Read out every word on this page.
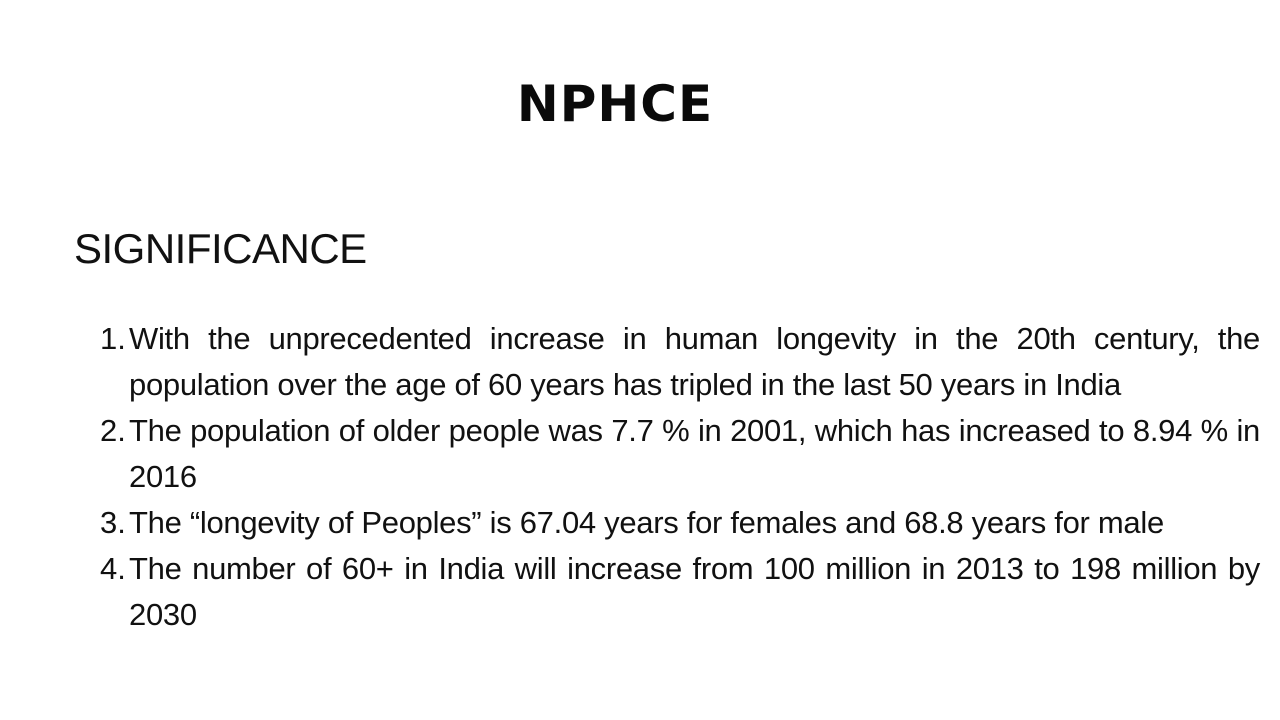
NPHCE
SIGNIFICANCE
1. With the unprecedented increase in human longevity in the 20th century, the population over the age of 60 years has tripled in the last 50 years in India
2. The population of older people was 7.7 % in 2001, which has increased to 8.94 % in 2016
3. The “longevity of Peoples” is 67.04 years for females and 68.8 years for male
4. The number of 60+ in India will increase from 100 million in 2013 to 198 million by 2030
